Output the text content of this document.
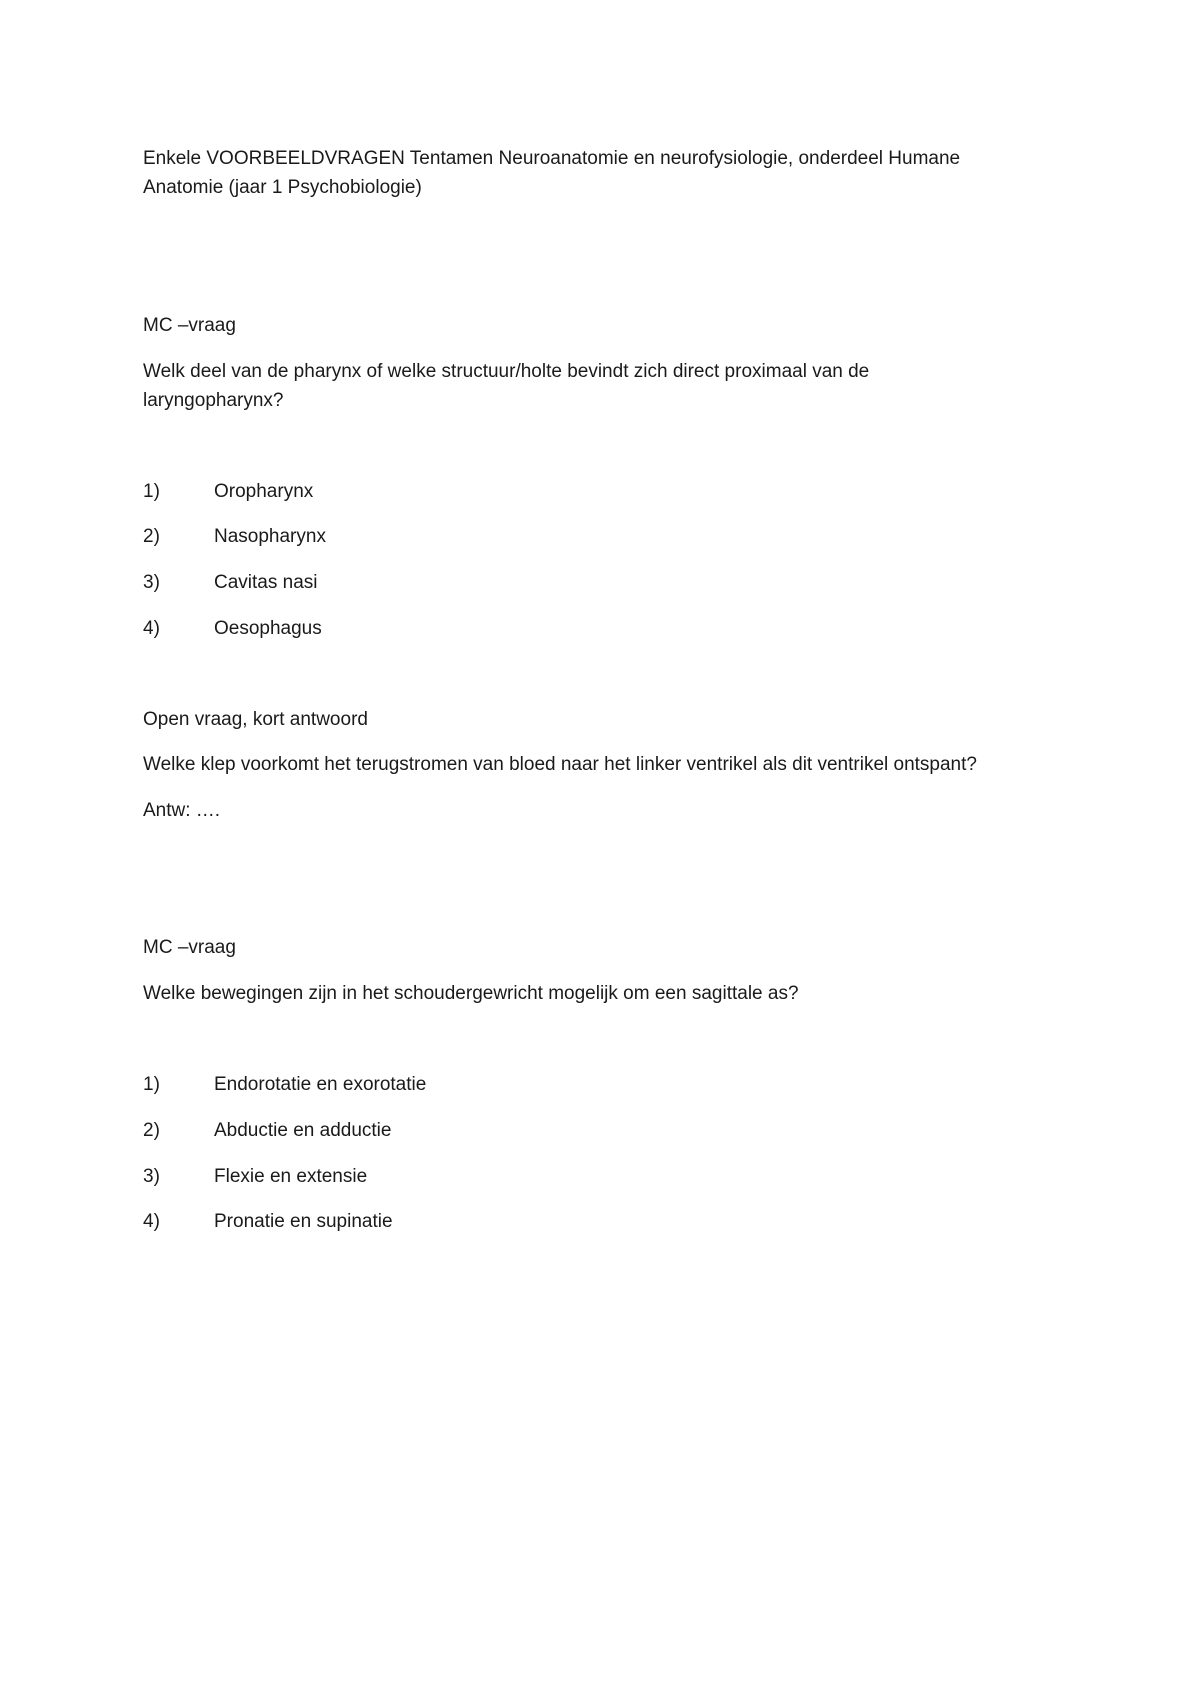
Enkele VOORBEELDVRAGEN Tentamen Neuroanatomie en neurofysiologie, onderdeel Humane
Anatomie (jaar 1 Psychobiologie)
MC –vraag
Welk deel van de pharynx of welke structuur/holte bevindt zich direct proximaal van de
laryngopharynx?
1)	Oropharynx
2)	Nasopharynx
3)	Cavitas nasi
4)	Oesophagus
Open vraag, kort antwoord
Welke klep voorkomt het terugstromen van bloed naar het linker ventrikel als dit ventrikel ontspant?
Antw: ….
MC –vraag
Welke bewegingen zijn in het schoudergewricht mogelijk om een sagittale as?
1)	Endorotatie en exorotatie
2)	Abductie en adductie
3)	Flexie en extensie
4)	Pronatie en supinatie
